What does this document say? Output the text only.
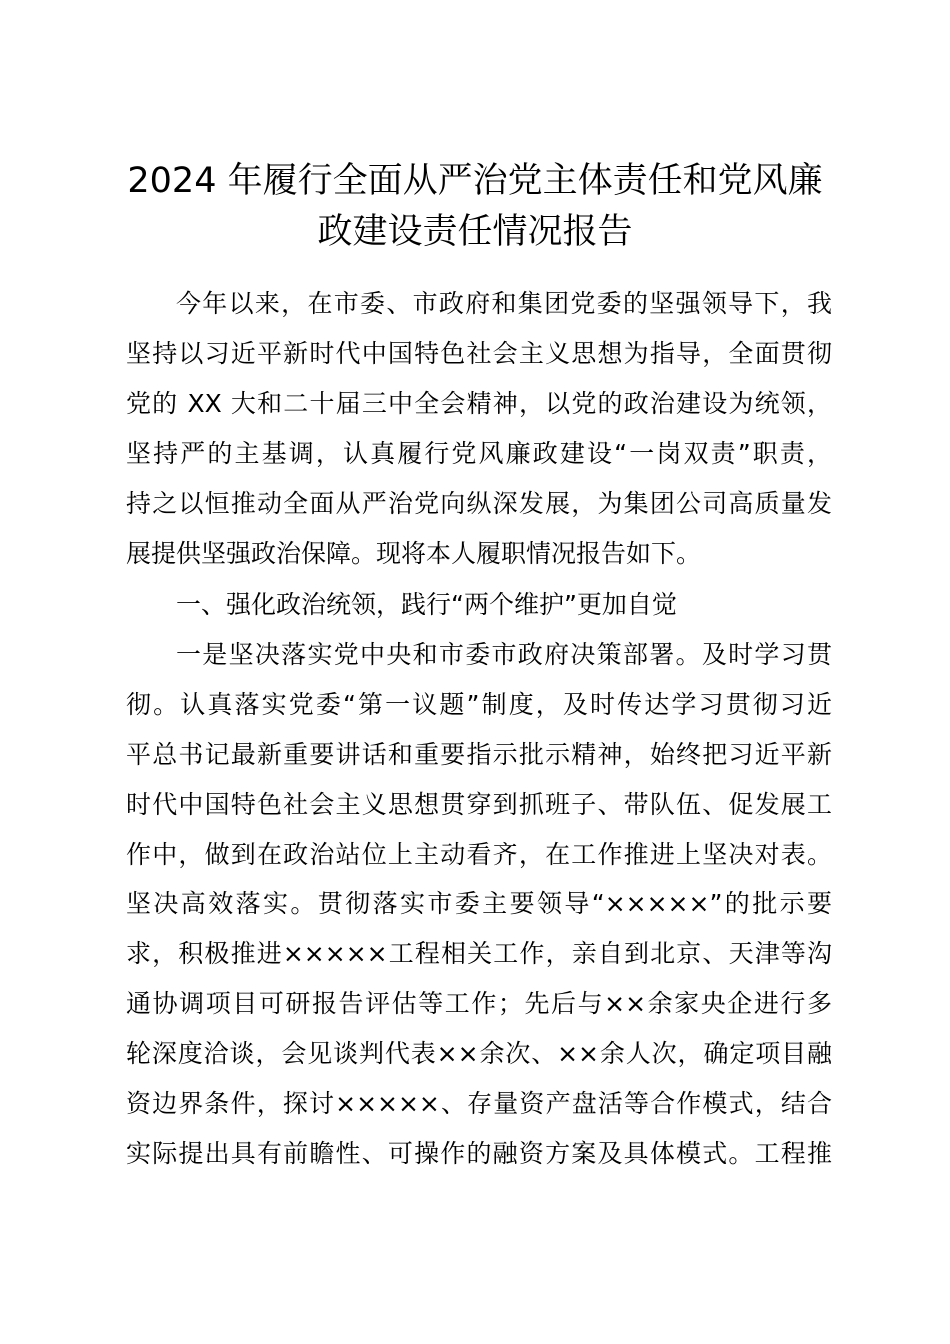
2024 年履行全面从严治党主体责任和党风廉
政建设责任情况报告
今年以来，在市委、市政府和集团党委的坚强领导下，我
坚持以习近平新时代中国特色社会主义思想为指导，全面贯彻
党的 XX 大和二十届三中全会精神，以党的政治建设为统领，
坚持严的主基调，认真履行党风廉政建设“一岗双责”职责，
持之以恒推动全面从严治党向纵深发展，为集团公司高质量发
展提供坚强政治保障。现将本人履职情况报告如下。
一、强化政治统领，践行“两个维护”更加自觉
一是坚决落实党中央和市委市政府决策部署。及时学习贯
彻。认真落实党委“第一议题”制度，及时传达学习贯彻习近
平总书记最新重要讲话和重要指示批示精神，始终把习近平新
时代中国特色社会主义思想贯穿到抓班子、带队伍、促发展工
作中，做到在政治站位上主动看齐，在工作推进上坚决对表。
坚决高效落实。贯彻落实市委主要领导“×××××”的批示要
求，积极推进×××××工程相关工作，亲自到北京、天津等沟
通协调项目可研报告评估等工作；先后与××余家央企进行多
轮深度洽谈，会见谈判代表××余次、××余人次，确定项目融
资边界条件，探讨×××××、存量资产盘活等合作模式，结合
实际提出具有前瞻性、可操作的融资方案及具体模式。工程推
